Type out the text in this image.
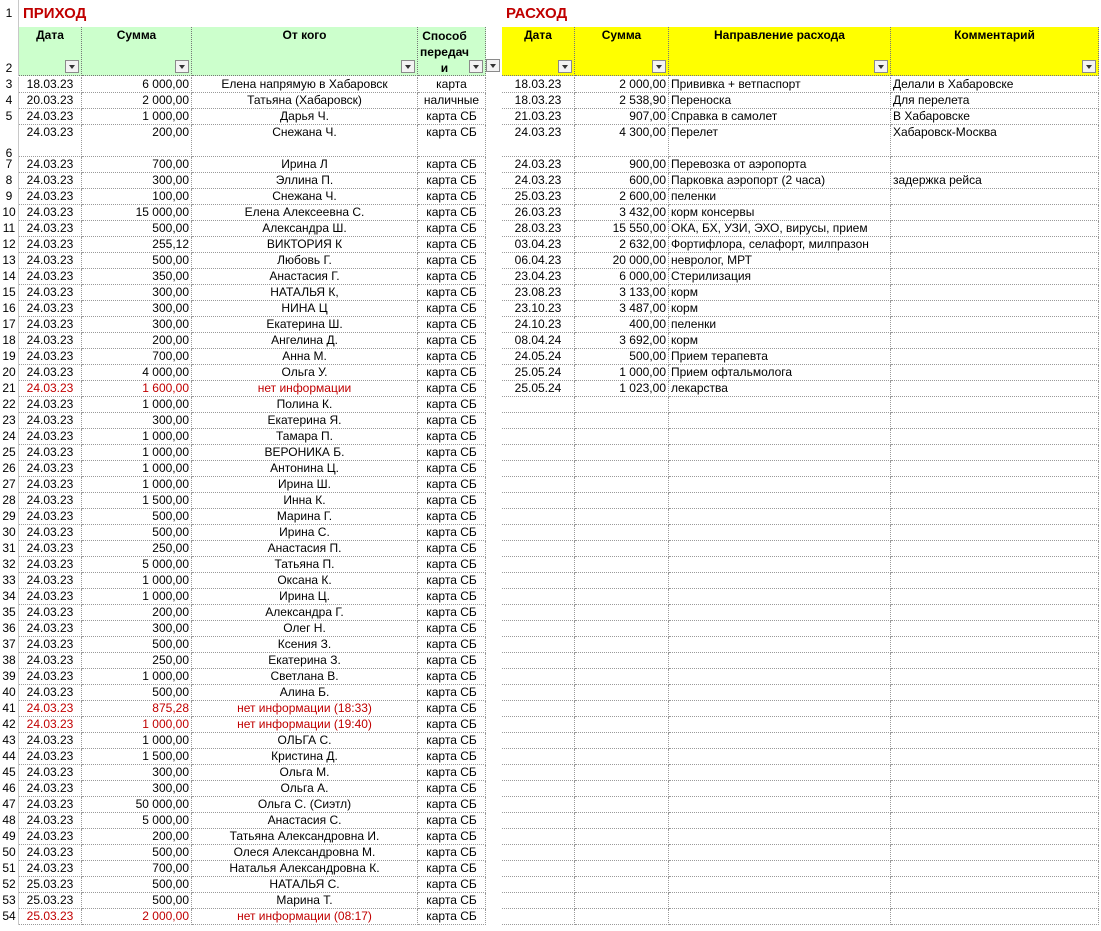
1 ПРИХОД	РАСХОД
2
Дата	Сумма	От кого	Способ передачи
Дата	Сумма	Направление расхода	Комментарий
3	18.03.23	6 000,00	Елена напрямую в Хабаровск	карта	18.03.23	2 000,00 Прививка + ветпаспорт	Делали в Хабаровске
4	20.03.23	2 000,00	Татьяна (Хабаровск)	наличные	18.03.23	2 538,90 Переноска	Для перелета
5	24.03.23	1 000,00	Дарья Ч.	карта СБ	21.03.23	907,00 Справка в самолет	В Хабаровске
6
24.03.23	200,00	Снежана Ч.	карта СБ	24.03.23	4 300,00 Перелет	Хабаровск-Москва
7	24.03.23	700,00	Ирина Л	карта СБ	24.03.23	900,00 Перевозка от аэропорта
8	24.03.23	300,00	Эллина П.	карта СБ	24.03.23	600,00 Парковка аэропорт (2 часа)	задержка рейса
9	24.03.23	100,00	Снежана Ч.	карта СБ	25.03.23	2 600,00 пеленки
10 24.03.23	15 000,00	Елена Алексеевна С.	карта СБ	26.03.23	3 432,00 корм консервы
11 24.03.23	500,00	Александра Ш.	карта СБ	28.03.23	15 550,00 ОКА, БХ, УЗИ, ЭХО, вирусы, прием
12 24.03.23	255,12	ВИКТОРИЯ К	карта СБ	03.04.23	2 632,00 Фортифлора, селафорт, милпразон
13 24.03.23	500,00	Любовь Г.	карта СБ	06.04.23	20 000,00 невролог, МРТ
14 24.03.23	350,00	Анастасия Г.	карта СБ	23.04.23	6 000,00 Стерилизация
15 24.03.23	300,00	НАТАЛЬЯ К,	карта СБ	23.08.23	3 133,00 корм
16 24.03.23	300,00	НИНА Ц	карта СБ	23.10.23	3 487,00 корм
17 24.03.23	300,00	Екатерина Ш.	карта СБ	24.10.23	400,00 пеленки
18 24.03.23	200,00	Ангелина Д.	карта СБ	08.04.24	3 692,00 корм
19 24.03.23	700,00	Анна М.	карта СБ	24.05.24	500,00 Прием терапевта
20 24.03.23	4 000,00	Ольга У.	карта СБ	25.05.24	1 000,00 Прием офтальмолога
21 24.03.23	1 600,00	нет информации	карта СБ	25.05.24	1 023,00 лекарства
22 24.03.23	1 000,00	Полина К.	карта СБ
23 24.03.23	300,00	Екатерина Я.	карта СБ
24 24.03.23	1 000,00	Тамара П.	карта СБ
25 24.03.23	1 000,00	ВЕРОНИКА Б.	карта СБ
26 24.03.23	1 000,00	Антонина Ц.	карта СБ
27 24.03.23	1 000,00	Ирина Ш.	карта СБ
28 24.03.23	1 500,00	Инна К.	карта СБ
29 24.03.23	500,00	Марина Г.	карта СБ
30 24.03.23	500,00	Ирина С.	карта СБ
31 24.03.23	250,00	Анастасия П.	карта СБ
32 24.03.23	5 000,00	Татьяна П.	карта СБ
33 24.03.23	1 000,00	Оксана К.	карта СБ
34 24.03.23	1 000,00	Ирина Ц.	карта СБ
35 24.03.23	200,00	Александра Г.	карта СБ
36 24.03.23	300,00	Олег Н.	карта СБ
37 24.03.23	500,00	Ксения З.	карта СБ
38 24.03.23	250,00	Екатерина З.	карта СБ
39 24.03.23	1 000,00	Светлана В.	карта СБ
40 24.03.23	500,00	Алина Б.	карта СБ
41 24.03.23	875,28	нет информации (18:33)	карта СБ
42 24.03.23	1 000,00	нет информации (19:40)	карта СБ
43 24.03.23	1 000,00	ОЛЬГА С.	карта СБ
44 24.03.23	1 500,00	Кристина Д.	карта СБ
45 24.03.23	300,00	Ольга М.	карта СБ
46 24.03.23	300,00	Ольга А.	карта СБ
47 24.03.23	50 000,00	Ольга С. (Сиэтл)	карта СБ
48 24.03.23	5 000,00	Анастасия С.	карта СБ
49 24.03.23	200,00	Татьяна Александровна И.	карта СБ
50 24.03.23	500,00	Олеся Александровна М.	карта СБ
51 24.03.23	700,00	Наталья Александровна К.	карта СБ
52 25.03.23	500,00	НАТАЛЬЯ С.	карта СБ
53 25.03.23	500,00	Марина Т.	карта СБ
54 25.03.23	2 000,00	нет информации (08:17)	карта СБ
